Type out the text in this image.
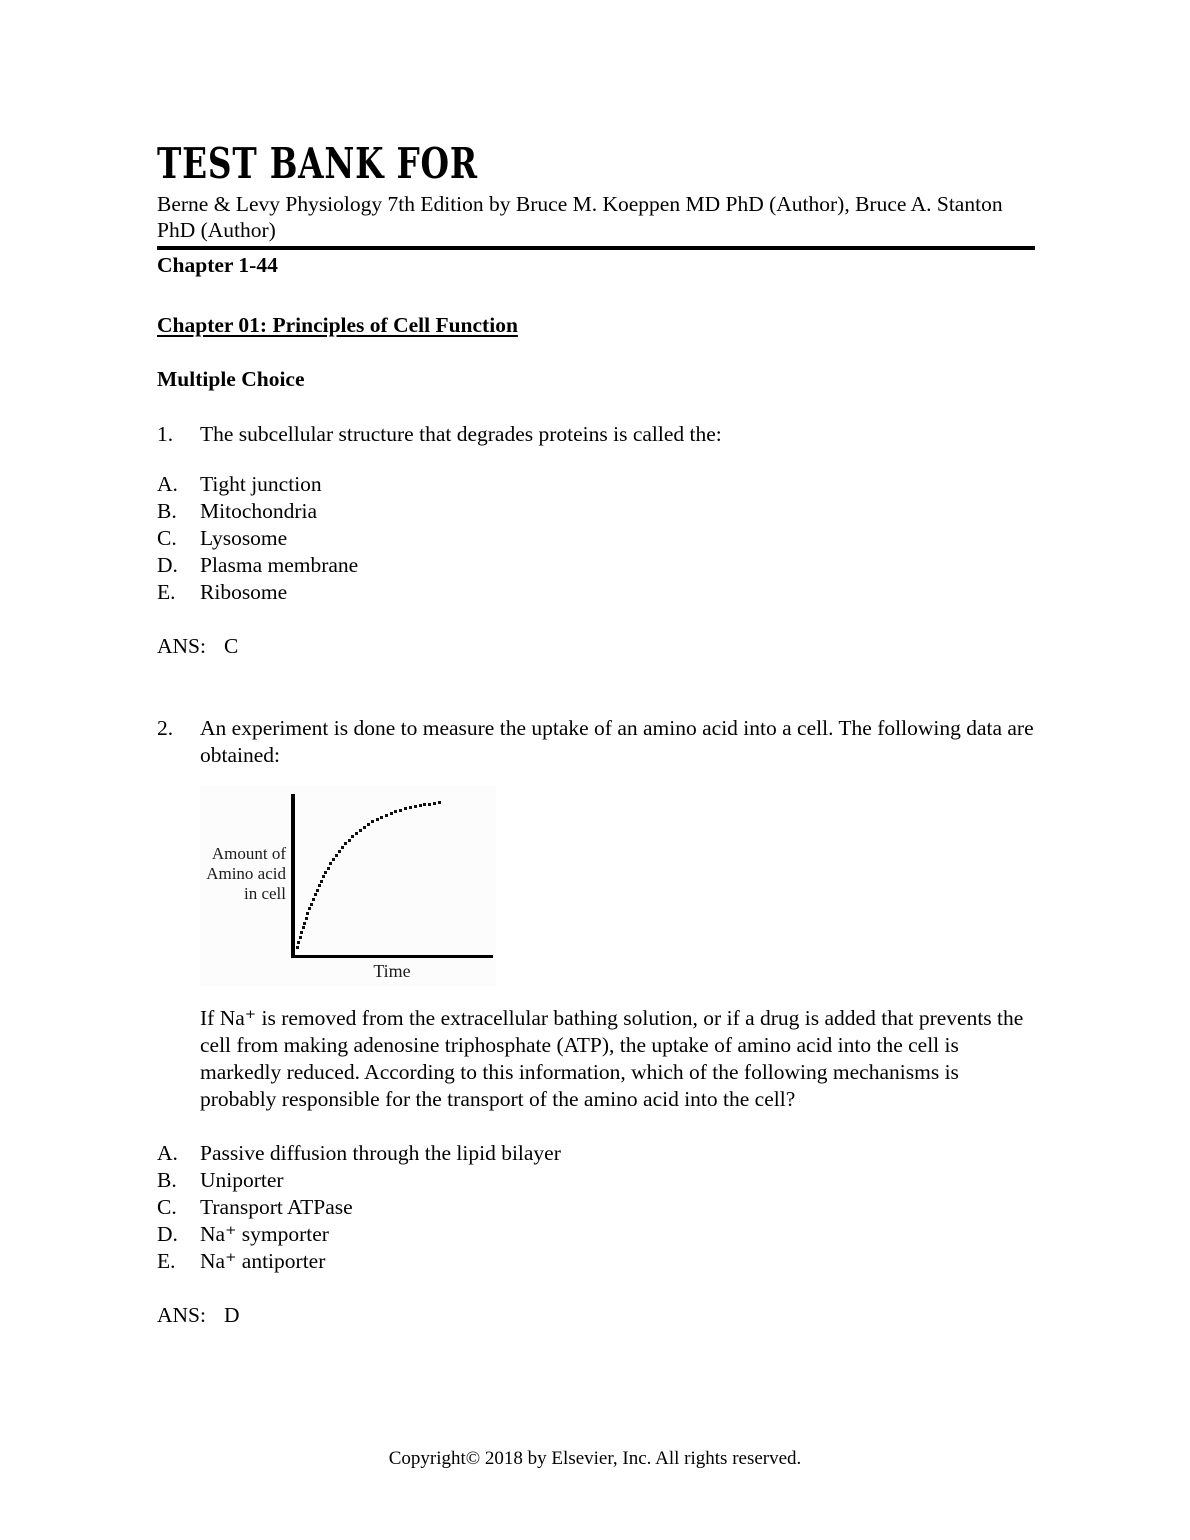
TEST BANK FOR

Berne & Levy Physiology 7th Edition by Bruce M. Koeppen MD PhD (Author), Bruce A. Stanton PhD (Author)

Chapter 1-44

Chapter 01: Principles of Cell Function
Multiple Choice
1.	The subcellular structure that degrades proteins is called the:
A.	Tight junction
B.	Mitochondria
C.	Lysosome
D.	Plasma membrane
E.	Ribosome
ANS: C
2.	An experiment is done to measure the uptake of an amino acid into a cell. The following data are obtained:
Amount of
Amino acid
in cell
Time

If Na⁺ is removed from the extracellular bathing solution, or if a drug is added that prevents the cell from making adenosine triphosphate (ATP), the uptake of amino acid into the cell is markedly reduced. According to this information, which of the following mechanisms is probably responsible for the transport of the amino acid into the cell?

A.	Passive diffusion through the lipid bilayer
B.	Uniporter
C.	Transport ATPase
D.	Na⁺ symporter
E.	Na⁺ antiporter
ANS: D
Copyright© 2018 by Elsevier, Inc. All rights reserved.
